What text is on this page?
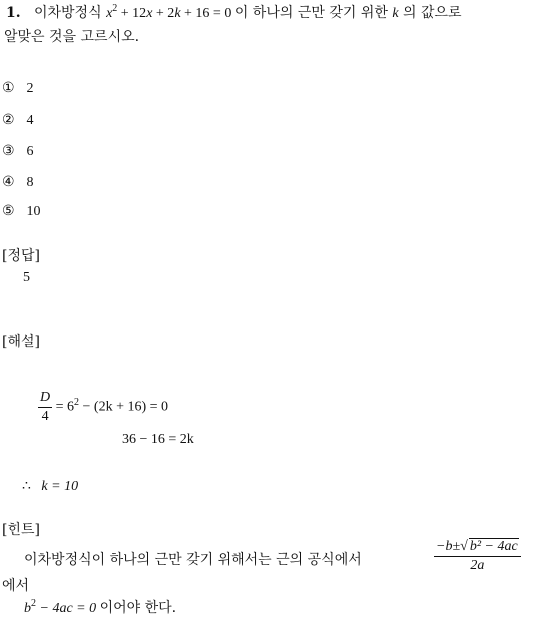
1. 이차방정식 $x^2 + 12x + 2k + 16 = 0$ 이 하나의 근만 갖기 위한 k 의 값으로
알맞은 것을 고르시오.
① 2
② 4
③ 6
④ 8
⑤ 10
[정답]
5
[해설]
$\frac{D}{4} = 6^2 - (2k + 16) = 0$
36 − 16 = 2k
∴ k = 10
[힌트]
이차방정식이 하나의 근만 갖기 위해서는 근의 공식에서	$\frac{\text{−b±√ b² − 4ac}}{2a}$
에서
$b^2 - 4ac = 0$ 이어야 한다.
